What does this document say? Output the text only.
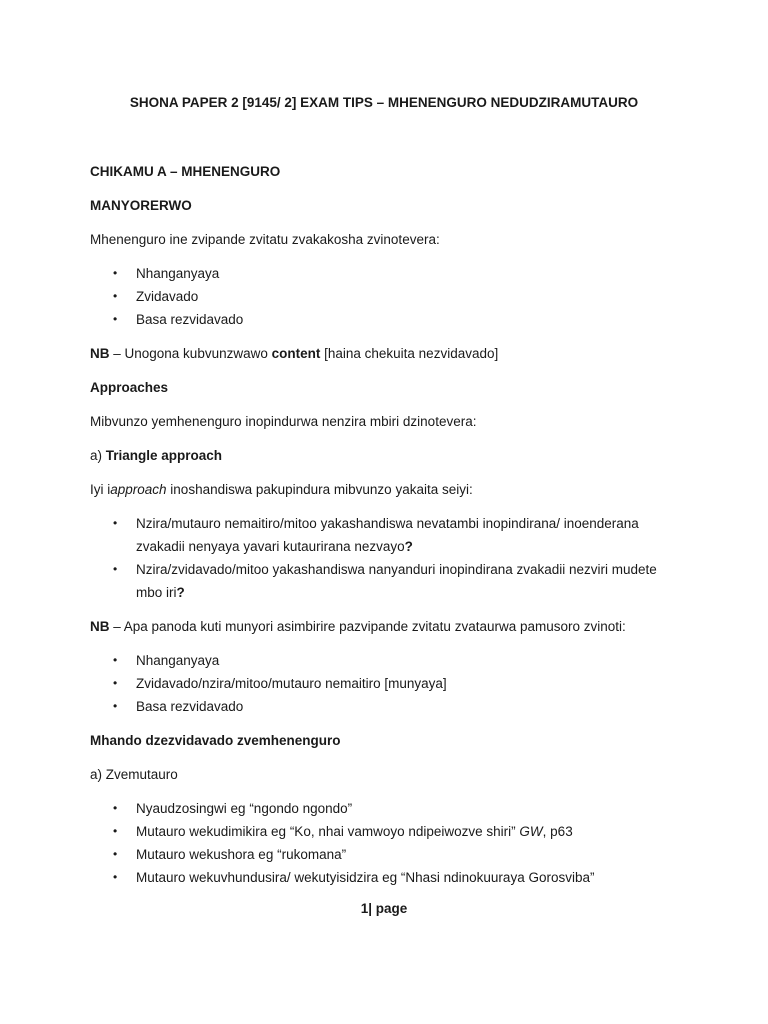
SHONA PAPER 2 [9145/ 2] EXAM TIPS – MHENENGURO NEDUDZIRAMUTAURO

CHIKAMU A – MHENENGURO

MANYORERWO

Mhenenguro ine zvipande zvitatu zvakakosha zvinotevera:

• Nhanganyaya
• Zvidavado
• Basa rezvidavado

NB – Unogona kubvunzwawo content [haina chekuita nezvidavado]

Approaches

Mibvunzo yemhenenguro inopindurwa nenzira mbiri dzinotevera:

a) Triangle approach

Iyi iapproach inoshandiswa pakupindura mibvunzo yakaita seiyi:

• Nzira/mutauro nemaitiro/mitoo yakashandiswa nevatambi inopindirana/ inoenderana
zvakadii nenyaya yavari kutaurirana nezvayo?
• Nzira/zvidavado/mitoo yakashandiswa nanyanduri inopindirana zvakadii nezviri mudete
mbo iri?

NB – Apa panoda kuti munyori asimbirire pazvipande zvitatu zvataurwa pamusoro zvinoti:

• Nhanganyaya
• Zvidavado/nzira/mitoo/mutauro nemaitiro [munyaya]
• Basa rezvidavado

Mhando dzezvidavado zvemhenenguro

a) Zvemutauro

• Nyaudzosingwi eg “ngondo ngondo”
• Mutauro wekudimikira eg “Ko, nhai vamwoyo ndipeiwozve shiri” GW, p63
• Mutauro wekushora eg “rukomana”
• Mutauro wekuvhundusira/ wekutyisidzira eg “Nhasi ndinokuuraya Gorosviba”
1| page
